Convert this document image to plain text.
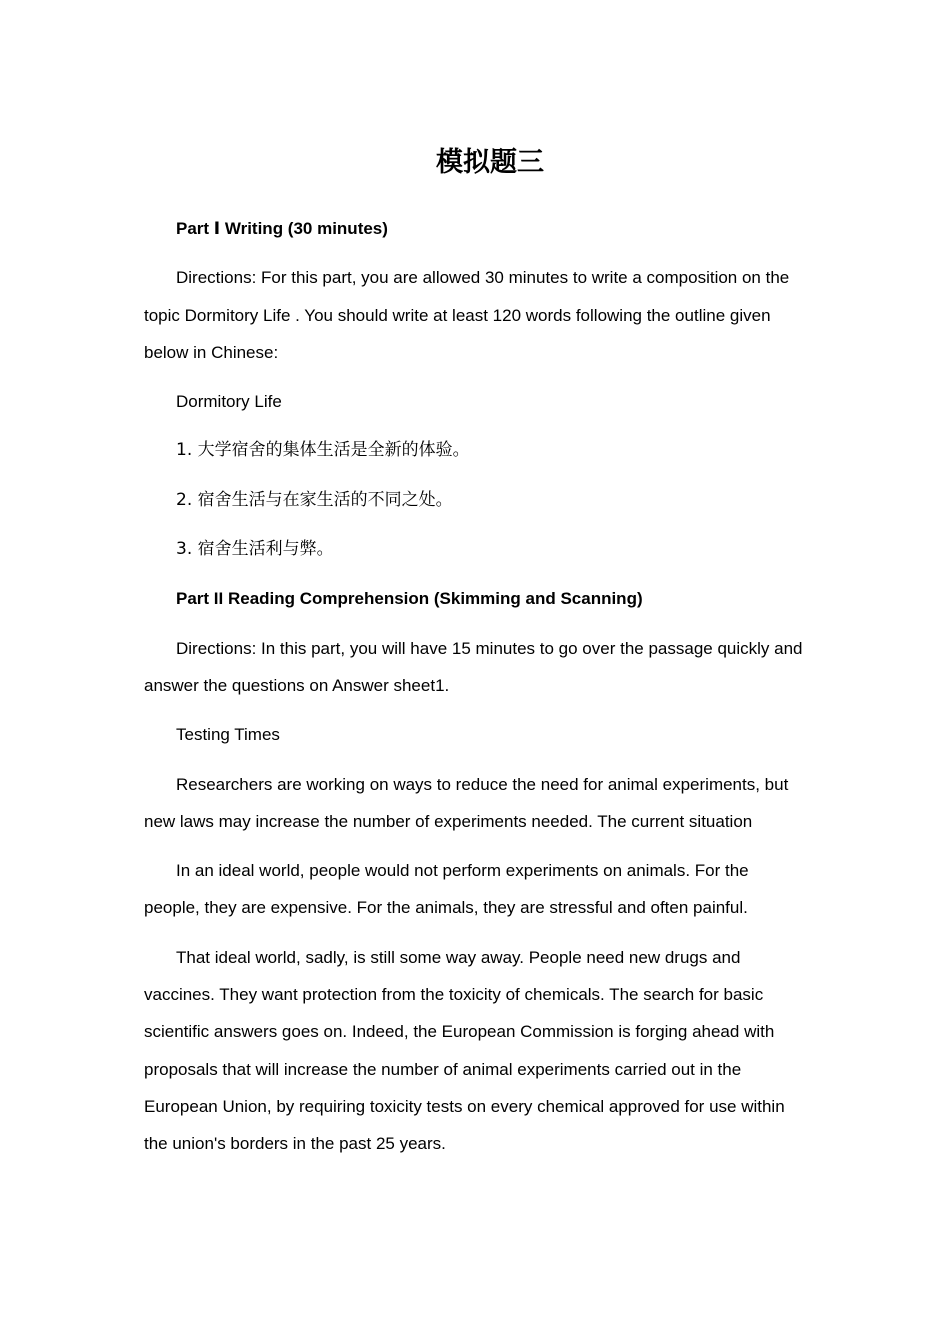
模拟题三

Part Ⅰ Writing (30 minutes)

Directions: For this part, you are allowed 30 minutes to write a composition on the topic Dormitory Life . You should write at least 120 words following the outline given below in Chinese:

Dormitory Life

1. 大学宿舍的集体生活是全新的体验。

2. 宿舍生活与在家生活的不同之处。

3. 宿舍生活利与弊。

Part II Reading Comprehension (Skimming and Scanning)

Directions: In this part, you will have 15 minutes to go over the passage quickly and answer the questions on Answer sheet1.

Testing Times

Researchers are working on ways to reduce the need for animal experiments, but new laws may increase the number of experiments needed. The current situation

In an ideal world, people would not perform experiments on animals. For the people, they are expensive. For the animals, they are stressful and often painful.

That ideal world, sadly, is still some way away. People need new drugs and vaccines. They want protection from the toxicity of chemicals. The search for basic scientific answers goes on. Indeed, the European Commission is forging ahead with proposals that will increase the number of animal experiments carried out in the European Union, by requiring toxicity tests on every chemical approved for use within the union's borders in the past 25 years.
